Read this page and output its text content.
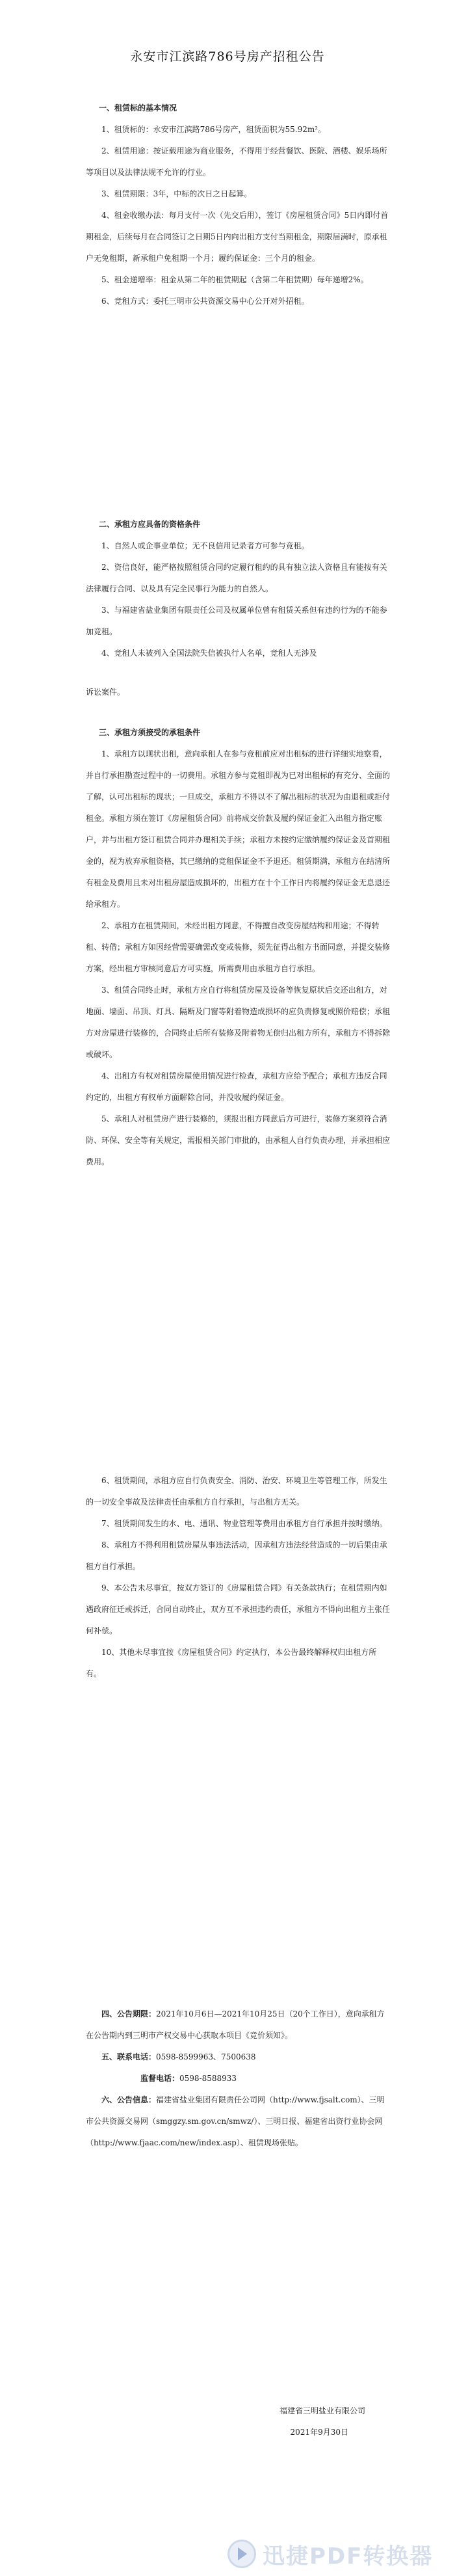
永安市江滨路786号房产招租公告
一、租赁标的基本情况
1、租赁标的：永安市江滨路786号房产，租赁面积为55.92m²。
2、租赁用途：按证载用途为商业服务，不得用于经营餐饮、医院、酒楼、娱乐场所等项目以及法律法规不允许的行业。
3、租赁期限：3年，中标的次日之日起算。
4、租金收缴办法：每月支付一次（先交后用），签订《房屋租赁合同》5日内即付首期租金，后续每月在合同签订之日期5日内向出租方支付当期租金，期限届满时，原承租户无免租期，新承租户免租期一个月；履约保证金：三个月的租金。
5、租金递增率：租金从第二年的租赁期起（含第二年租赁期）每年递增2%。
6、竞租方式：委托三明市公共资源交易中心公开对外招租。
二、承租方应具备的资格条件
1、自然人或企事业单位；无不良信用记录者方可参与竞租。
2、资信良好，能严格按照租赁合同约定履行租约的具有独立法人资格且有能按有关法律履行合同、以及具有完全民事行为能力的自然人。
3、与福建省盐业集团有限责任公司及权属单位曾有租赁关系但有违约行为的不能参加竞租。
4、竞租人未被列入全国法院失信被执行人名单，竞租人无涉及
诉讼案件。
三、承租方须接受的承租条件
1、承租方以现状出租，意向承租人在参与竞租前应对出租标的进行详细实地察看，并自行承担勘查过程中的一切费用。承租方参与竞租即视为已对出租标的有充分、全面的了解，认可出租标的现状；一旦成交，承租方不得以不了解出租标的状况为由退租或拒付租金。承租方须在签订《房屋租赁合同》前将成交价款及履约保证金汇入出租方指定账户，并与出租方签订租赁合同并办理相关手续；承租方未按约定缴纳履约保证金及首期租金的，视为放弃承租资格，其已缴纳的竞租保证金不予退还。租赁期满，承租方在结清所有租金及费用且未对出租房屋造成损坏的，出租方在十个工作日内将履约保证金无息退还给承租方。
2、承租方在租赁期间，未经出租方同意，不得擅自改变房屋结构和用途；不得转租、转借；承租方如因经营需要确需改变或装修，须先征得出租方书面同意，并提交装修方案，经出租方审核同意后方可实施，所需费用由承租方自行承担。
3、租赁合同终止时，承租方应自行将租赁房屋及设备等恢复原状后交还出租方，对地面、墙面、吊顶、灯具、隔断及门窗等附着物造成损坏的应负责修复或照价赔偿；承租方对房屋进行装修的，合同终止后所有装修及附着物无偿归出租方所有，承租方不得拆除或破坏。
4、出租方有权对租赁房屋使用情况进行检查，承租方应给予配合；承租方违反合同约定的，出租方有权单方面解除合同，并没收履约保证金。
5、承租人对租赁房产进行装修的，须报出租方同意后方可进行，装修方案须符合消防、环保、安全等有关规定，需报相关部门审批的，由承租人自行负责办理，并承担相应费用。
6、租赁期间，承租方应自行负责安全、消防、治安、环境卫生等管理工作，所发生的一切安全事故及法律责任由承租方自行承担，与出租方无关。
7、租赁期间发生的水、电、通讯、物业管理等费用由承租方自行承担并按时缴纳。
8、承租方不得利用租赁房屋从事违法活动，因承租方违法经营造成的一切后果由承租方自行承担。
9、本公告未尽事宜，按双方签订的《房屋租赁合同》有关条款执行；在租赁期内如遇政府征迁或拆迁，合同自动终止，双方互不承担违约责任，承租方不得向出租方主张任何补偿。
10、其他未尽事宜按《房屋租赁合同》约定执行，本公告最终解释权归出租方所有。
四、公告期限：2021年10月6日—2021年10月25日（20个工作日），意向承租方在公告期内到三明市产权交易中心获取本项目《竞价须知》。
五、联系电话：0598-8599963、7500638
监督电话：0598-8588933
六、公告信息：福建省盐业集团有限责任公司网（http://www.fjsalt.com）、三明市公共资源交易网（smggzy.sm.gov.cn/smwz/）、三明日报、福建省出资行业协会网（http://www.fjaac.com/new/index.asp）、租赁现场张贴。
福建省三明盐业有限公司
2021年9月30日
迅捷PDF转换器
